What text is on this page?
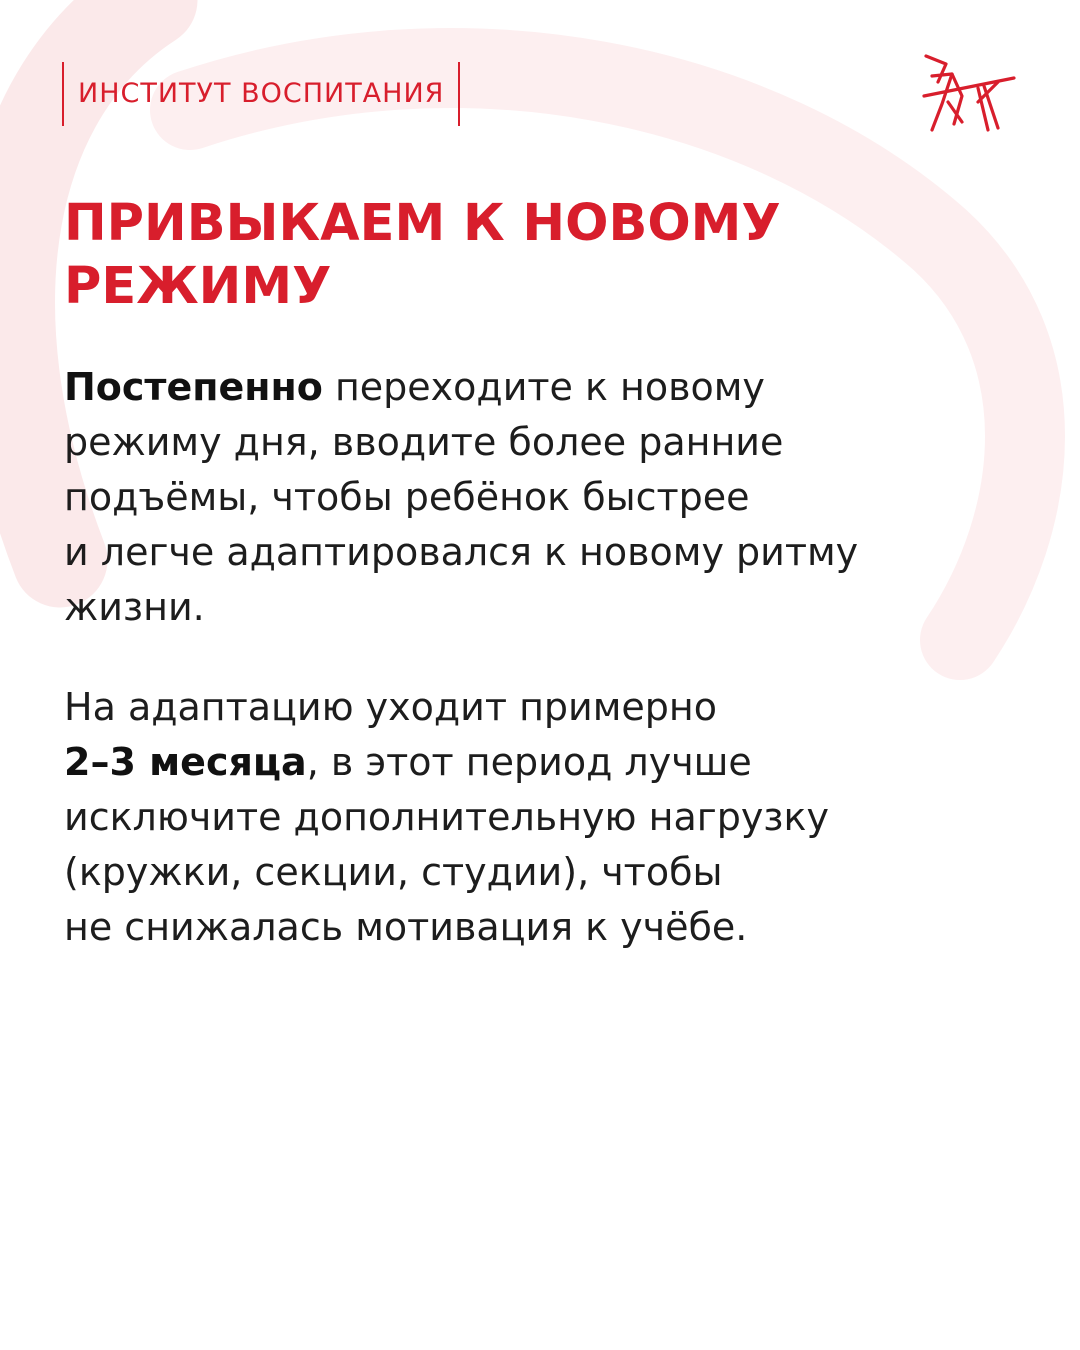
ИНСТИТУТ ВОСПИТАНИЯ
ПРИВЫКАЕМ К НОВОМУ
РЕЖИМУ

Постепенно переходите к новому
режиму дня, вводите более ранние
подъёмы, чтобы ребёнок быстрее
и легче адаптировался к новому ритму
жизни.

На адаптацию уходит примерно
2–3 месяца, в этот период лучше
исключите дополнительную нагрузку
(кружки, секции, студии), чтобы
не снижалась мотивация к учёбе.
